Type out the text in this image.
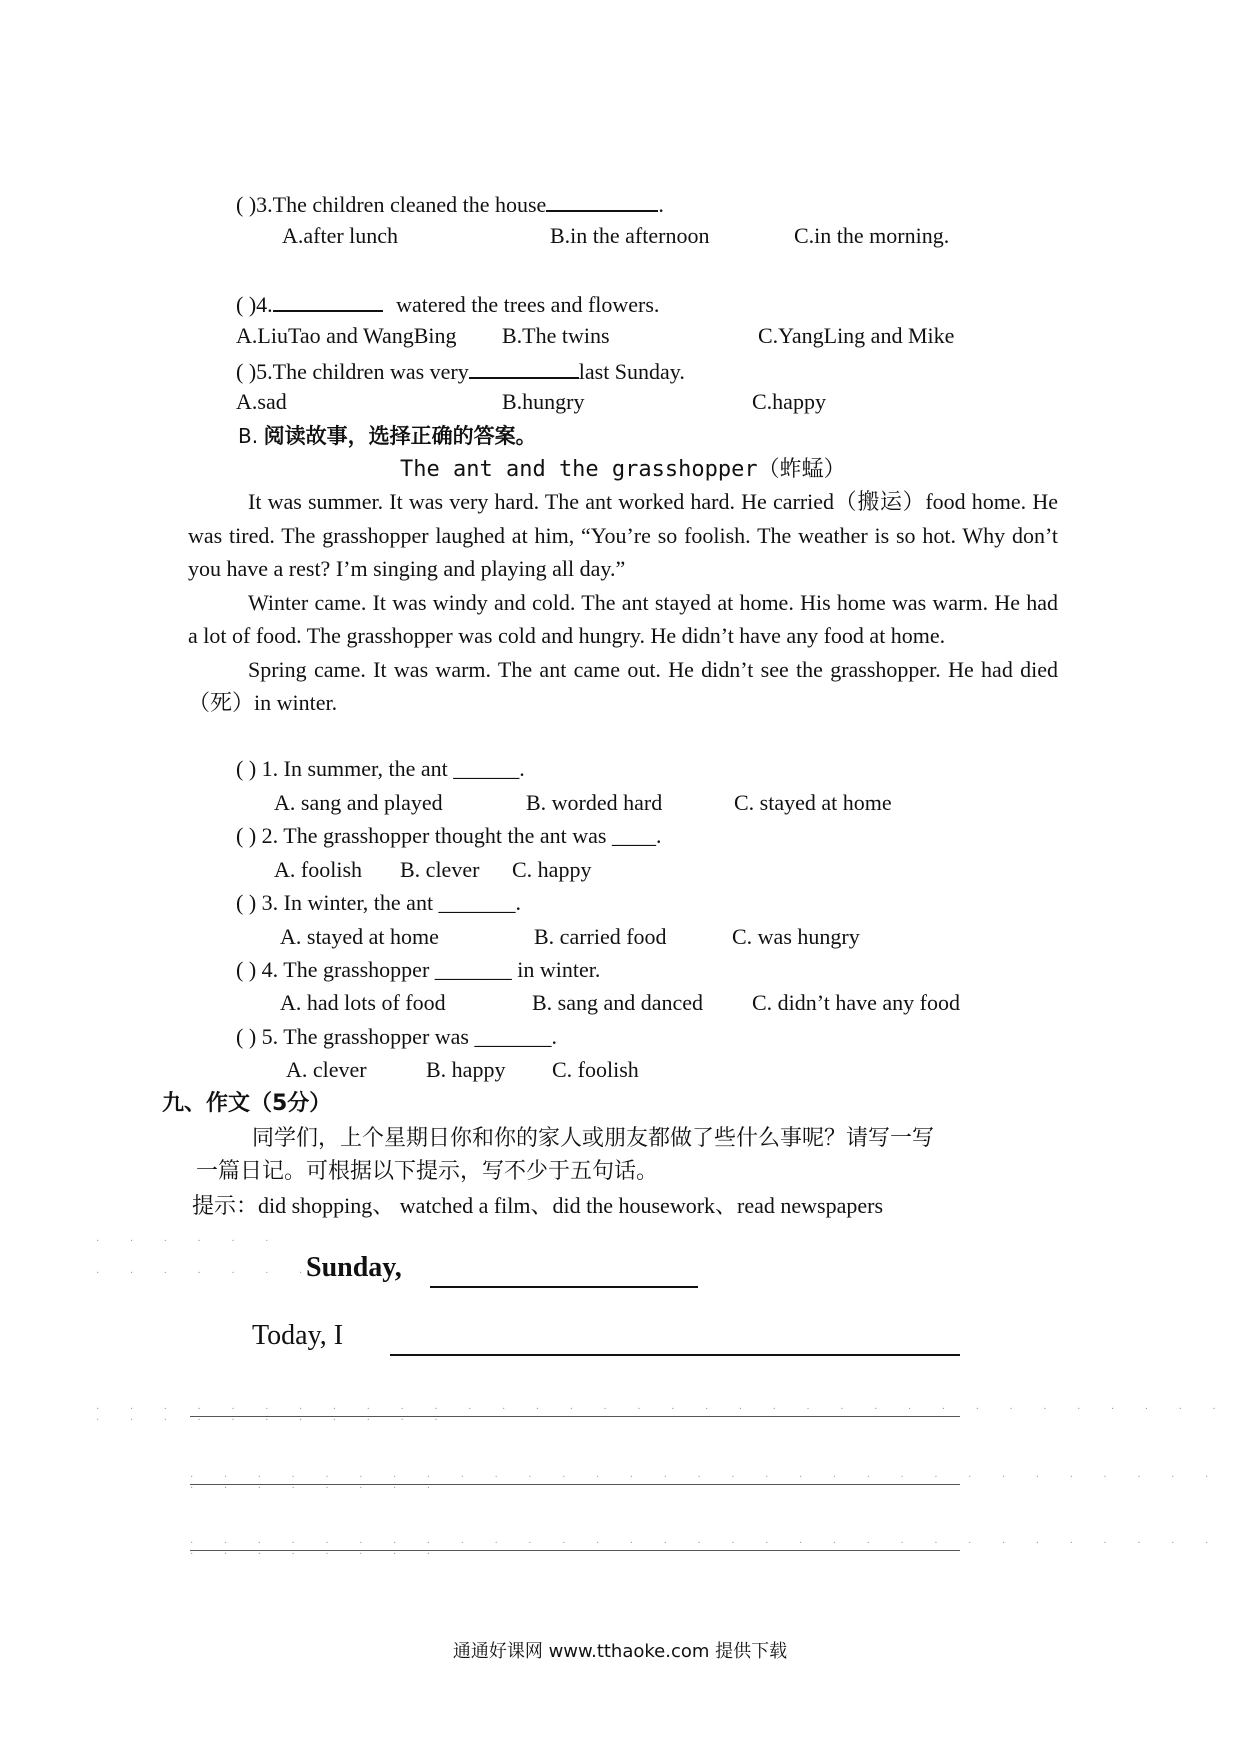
( )3.The children cleaned the house	.
A.after lunch	B.in the afternoon	C.in the morning.
( )4.	watered the trees and flowers.
A.LiuTao and WangBing B.The twins	C.YangLing and Mike
( )5.The children was very	last Sunday.
A.sad	B.hungry	C.happy
B. 阅读故事，选择正确的答案。
The ant and the grasshopper（蚱蜢）

It was summer. It was very hard. The ant worked hard. He carried（搬运）food home. He was tired. The grasshopper laughed at him, “You’re so foolish. The weather is so hot. Why don’t you have a rest? I’m singing and playing all day.”

Winter came. It was windy and cold. The ant stayed at home. His home was warm. He had a lot of food. The grasshopper was cold and hungry. He didn’t have any food at home.

Spring came. It was warm. The ant came out. He didn’t see the grasshopper. He had died（死）in winter.

( ) 1. In summer, the ant ______.
A. sang and played	B. worded hard	C. stayed at home
( ) 2. The grasshopper thought the ant was ____.
A. foolish B. clever C. happy
( ) 3. In winter, the ant _______.
A. stayed at home	B. carried food	C. was hungry
( ) 4. The grasshopper _______ in winter.
A. had lots of food	B. sang and danced C. didn’t have any food
( ) 5. The grasshopper was _______.
A. clever	B. happy C. foolish
九、作文（5分）
同学们，上个星期日你和你的家人或朋友都做了些什么事呢？请写一写
一篇日记。可根据以下提示，写不少于五句话。
提示：did shopping、 watched a film、did the housework、read newspapers
· · · · · ·
· · · · · · · ·
Sunday,
Today, I
· · · · · · · · · · · · · · · · · · · · · · · · · · · · · · · · · · · · · · · · · · · · ·
· · · · · · · · · · · · · · · · · · · · · · · · · · · · · · · · · · · · · · ·
· · · · · · · · · · · · · · · · · · · · · · · · · · · · · · · · · · · · · · ·
通通好课网 www.tthaoke.com 提供下载
